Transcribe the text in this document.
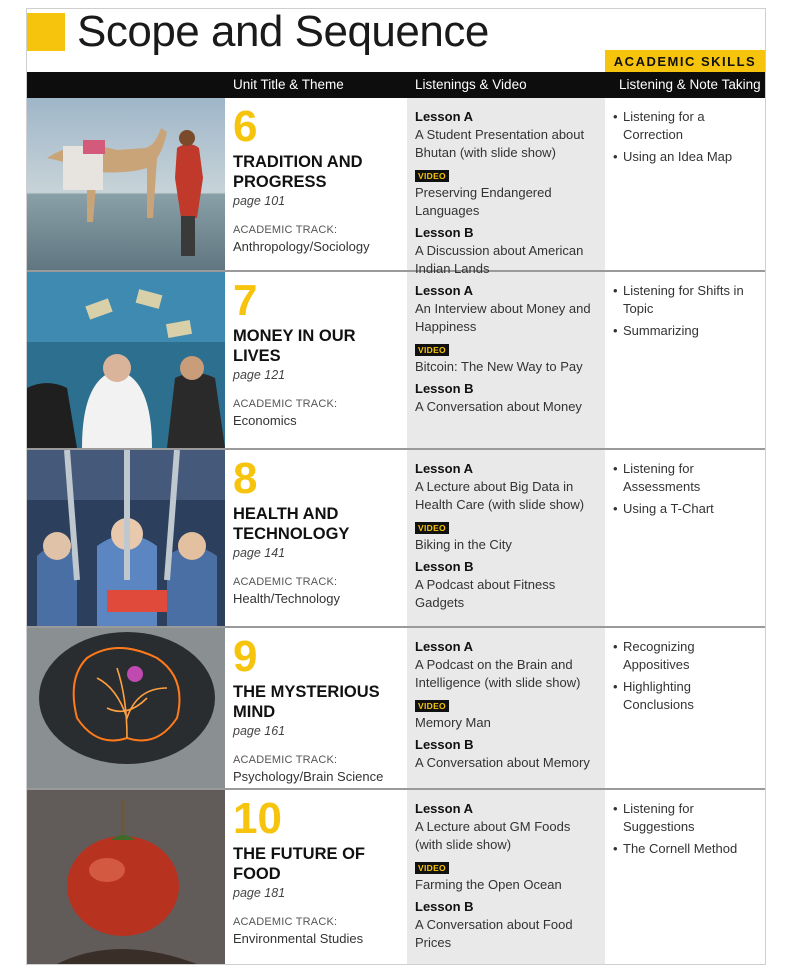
Scope and Sequence
ACADEMIC SKILLS
Unit Title & Theme	Listenings & Video	Listening & Note Taking
6
TRADITION AND PROGRESS
page 101
ACADEMIC TRACK:
Anthropology/Sociology
Lesson A
A Student Presentation about Bhutan (with slide show)
VIDEO
Preserving Endangered Languages
Lesson B
A Discussion about American Indian Lands
• Listening for a Correction
• Using an Idea Map
7
MONEY IN OUR LIVES
page 121
ACADEMIC TRACK:
Economics
Lesson A
An Interview about Money and Happiness
VIDEO
Bitcoin: The New Way to Pay
Lesson B
A Conversation about Money
• Listening for Shifts in Topic
• Summarizing
8
HEALTH AND TECHNOLOGY
page 141
ACADEMIC TRACK:
Health/Technology
Lesson A
A Lecture about Big Data in Health Care (with slide show)
VIDEO
Biking in the City
Lesson B
A Podcast about Fitness Gadgets
• Listening for Assessments
• Using a T-Chart
9
THE MYSTERIOUS MIND
page 161
ACADEMIC TRACK:
Psychology/Brain Science
Lesson A
A Podcast on the Brain and Intelligence (with slide show)
VIDEO
Memory Man
Lesson B
A Conversation about Memory
• Recognizing Appositives
• Highlighting Conclusions
10
THE FUTURE OF FOOD
page 181
ACADEMIC TRACK:
Environmental Studies
Lesson A
A Lecture about GM Foods (with slide show)
VIDEO
Farming the Open Ocean
Lesson B
A Conversation about Food Prices
• Listening for Suggestions
• The Cornell Method
